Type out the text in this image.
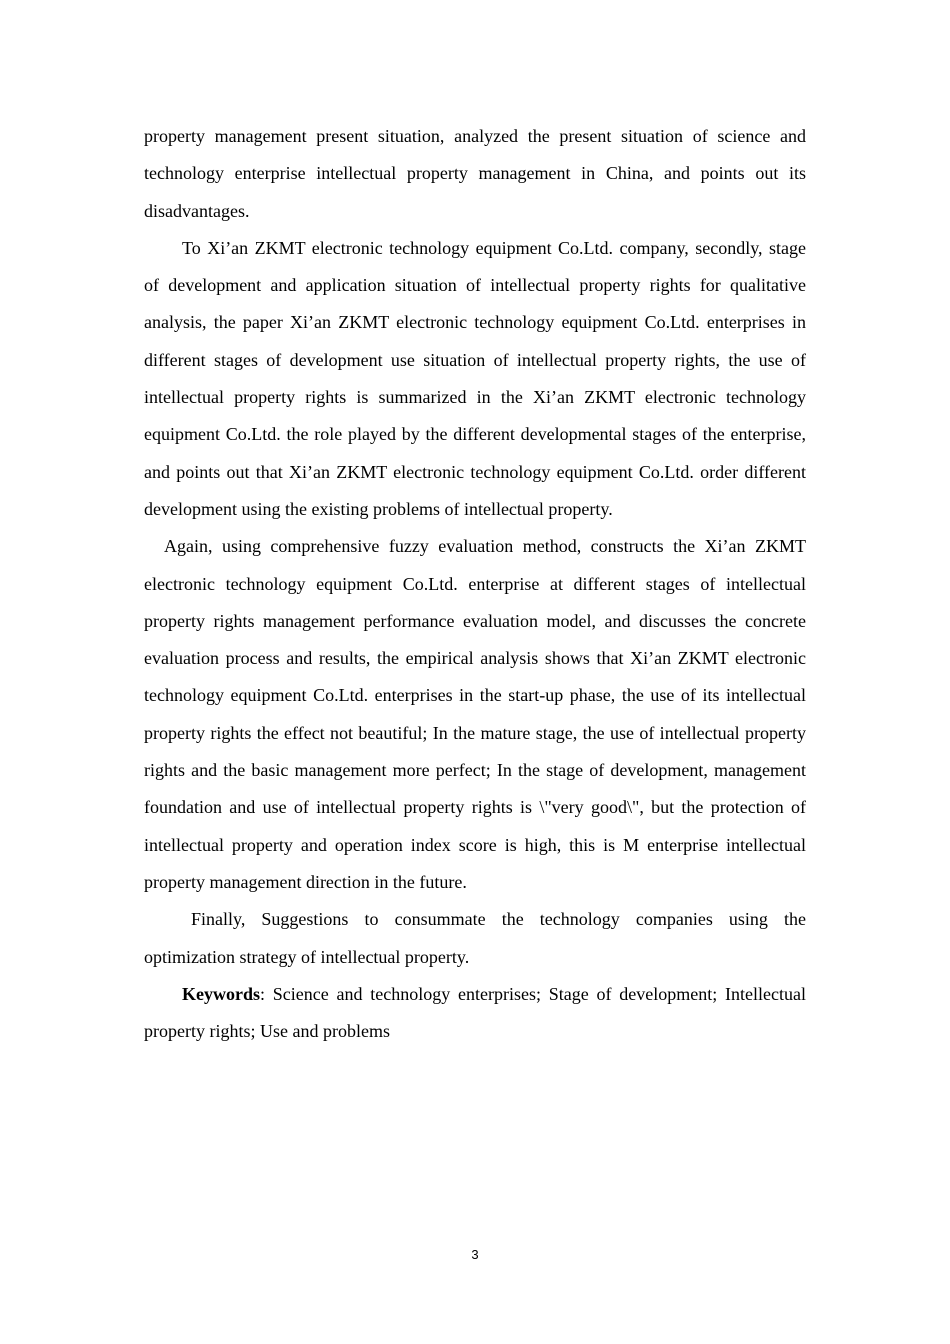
property management present situation, analyzed the present situation of science and technology enterprise intellectual property management in China, and points out its disadvantages.

To Xi’an ZKMT electronic technology equipment Co.Ltd. company, secondly, stage of development and application situation of intellectual property rights for qualitative analysis, the paper Xi’an ZKMT electronic technology equipment Co.Ltd. enterprises in different stages of development use situation of intellectual property rights, the use of intellectual property rights is summarized in the Xi’an ZKMT electronic technology equipment Co.Ltd. the role played by the different developmental stages of the enterprise, and points out that Xi’an ZKMT electronic technology equipment Co.Ltd. order different development using the existing problems of intellectual property.

Again, using comprehensive fuzzy evaluation method, constructs the Xi’an ZKMT electronic technology equipment Co.Ltd. enterprise at different stages of intellectual property rights management performance evaluation model, and discusses the concrete evaluation process and results, the empirical analysis shows that Xi’an ZKMT electronic technology equipment Co.Ltd. enterprises in the start-up phase, the use of its intellectual property rights the effect not beautiful; In the mature stage, the use of intellectual property rights and the basic management more perfect; In the stage of development, management foundation and use of intellectual property rights is \"very good\", but the protection of intellectual property and operation index score is high, this is M enterprise intellectual property management direction in the future.

Finally, Suggestions to consummate the technology companies using the optimization strategy of intellectual property.

Keywords: Science and technology enterprises; Stage of development; Intellectual property rights; Use and problems

3
